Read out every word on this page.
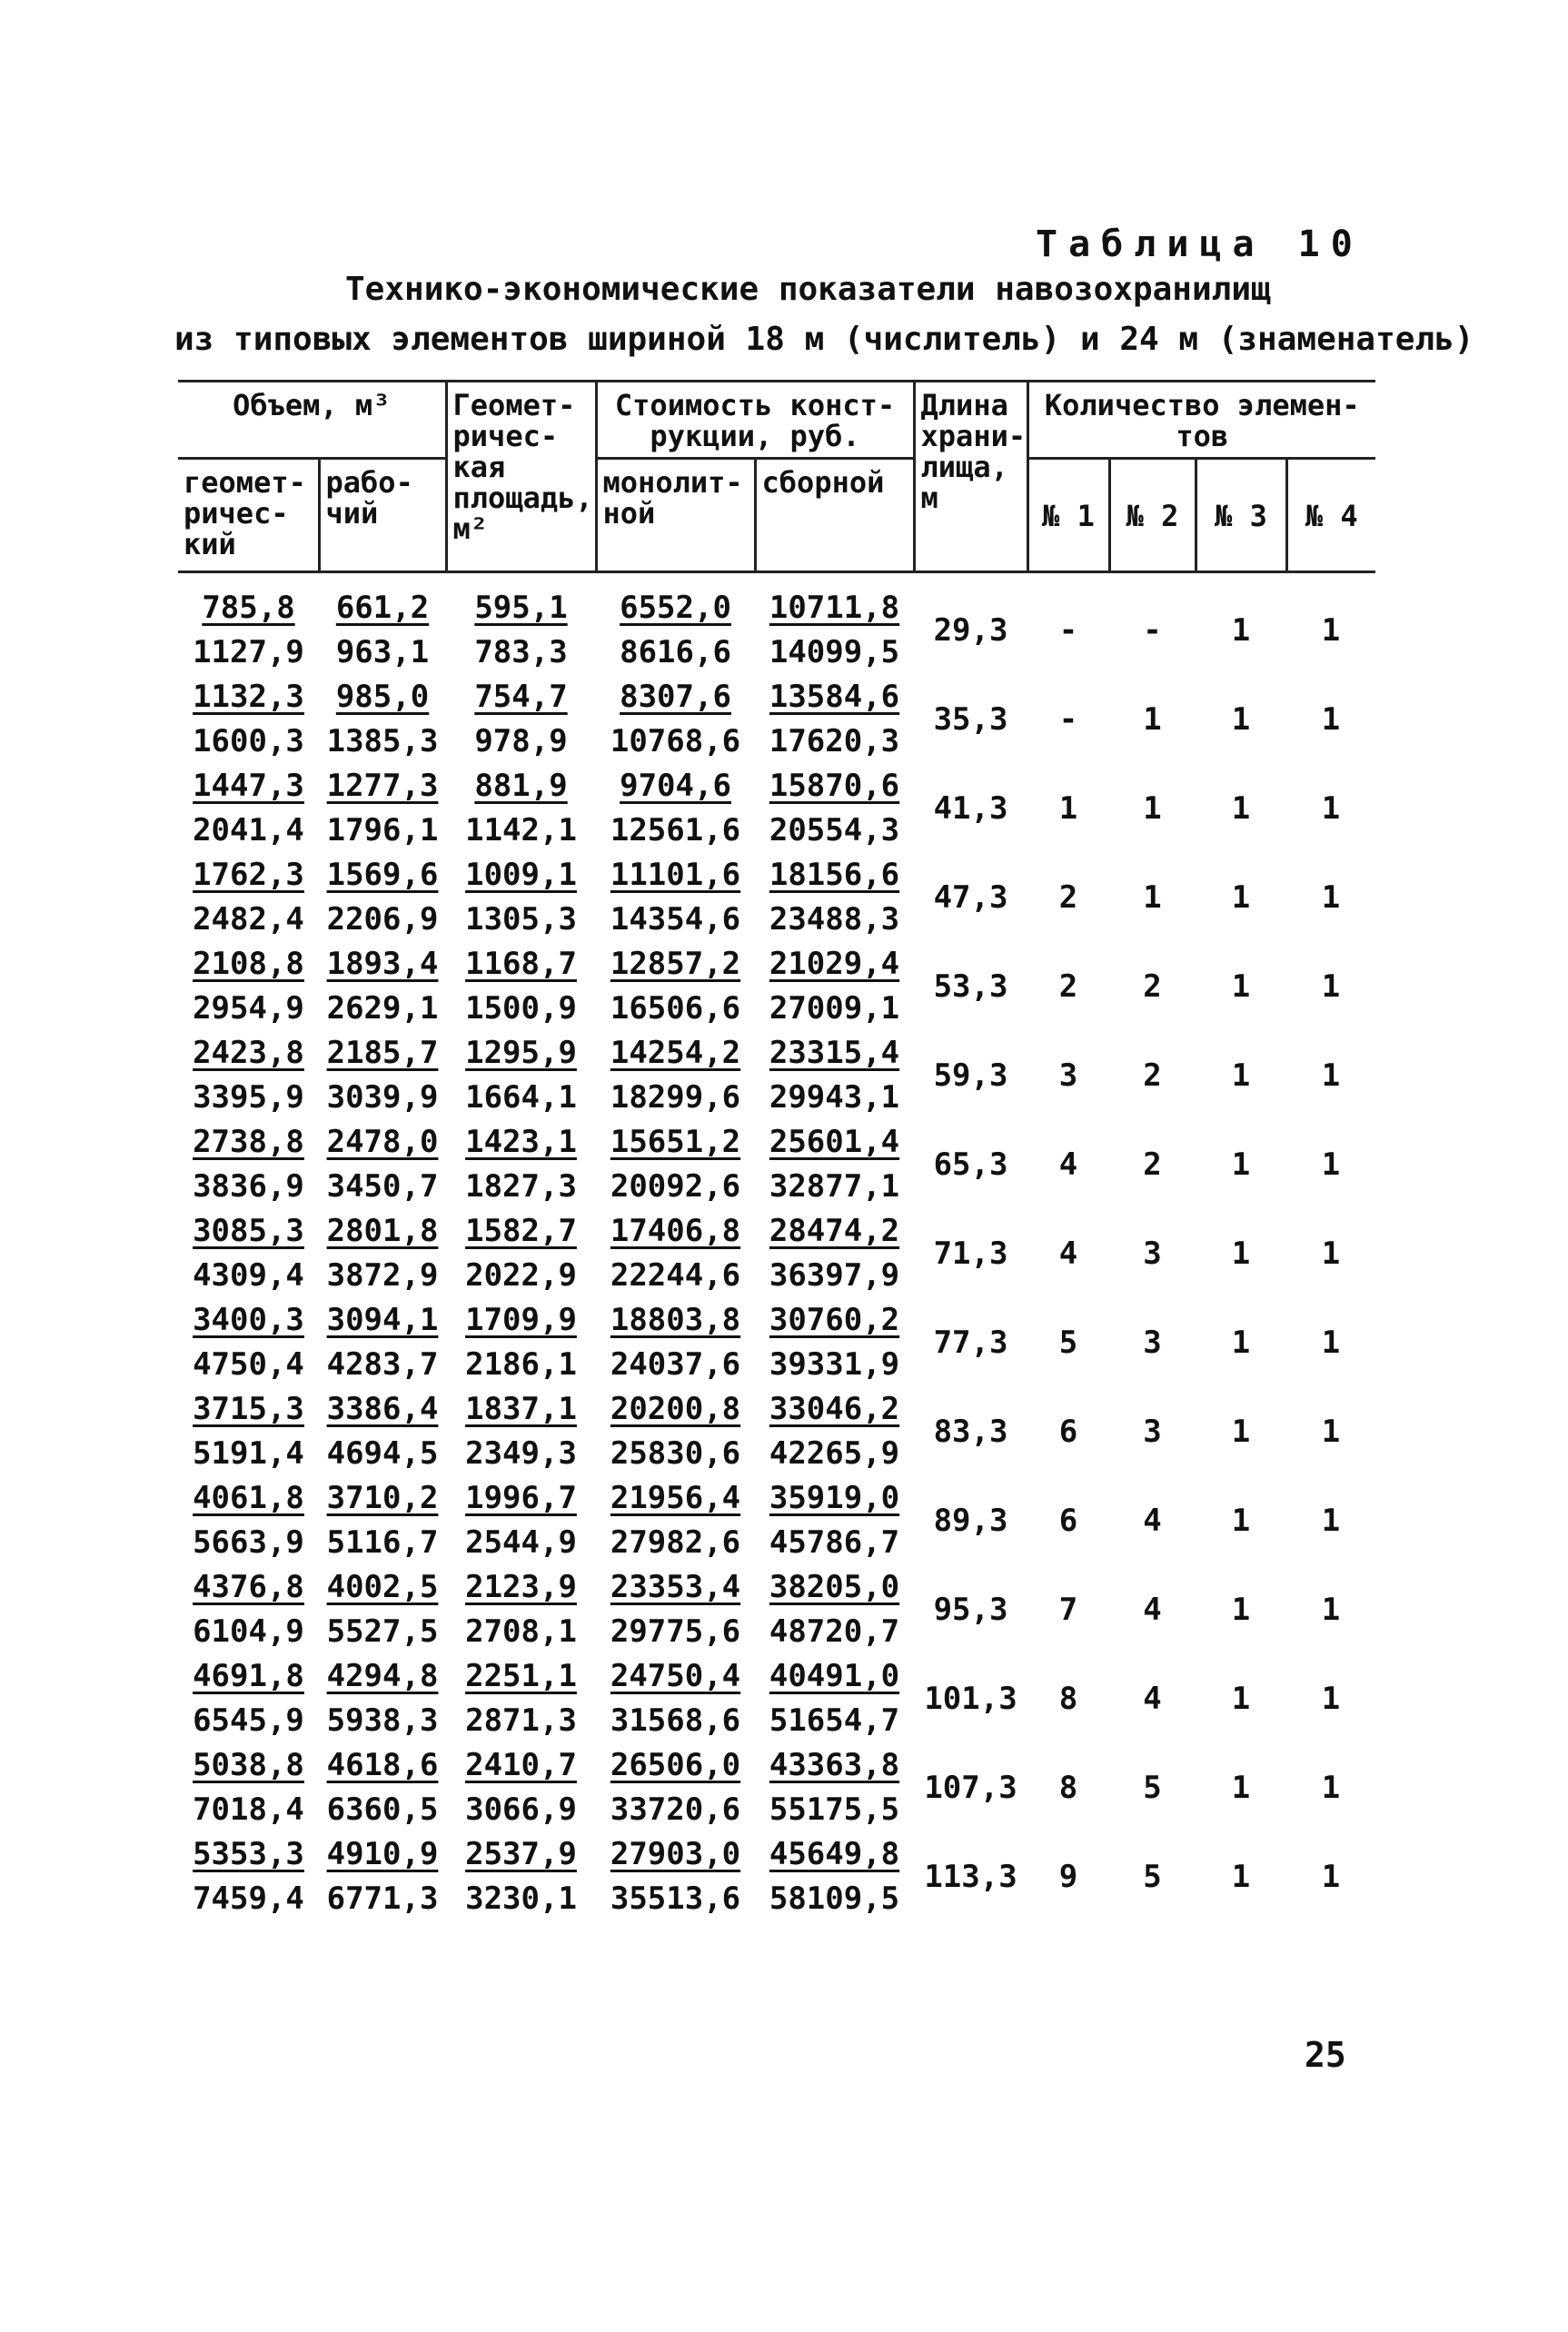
Таблица 10
Технико-экономические показатели навозохранилищ
из типовых элементов шириной 18 м (числитель) и 24 м (знаменатель)
Объем, м³		Геомет-ричес-кая площадь, м²	Стоимость конст-рукции, руб.		Длина храни-лища, м	Количество элемен-тов			
геомет-ричес-кий	рабо-чий		монолит-ной	сборной		№ 1	№ 2	№ 3	№ 4
785,8	661,2	595,1	6552,0	10711,8	29,3	-	-	1	1
1127,9	963,1	783,3	8616,6	14099,5					
1132,3	985,0	754,7	8307,6	13584,6	35,3	-	1	1	1
1600,3	1385,3	978,9	10768,6	17620,3					
1447,3	1277,3	881,9	9704,6	15870,6	41,3	1	1	1	1
2041,4	1796,1	1142,1	12561,6	20554,3					
1762,3	1569,6	1009,1	11101,6	18156,6	47,3	2	1	1	1
2482,4	2206,9	1305,3	14354,6	23488,3					
2108,8	1893,4	1168,7	12857,2	21029,4	53,3	2	2	1	1
2954,9	2629,1	1500,9	16506,6	27009,1					
2423,8	2185,7	1295,9	14254,2	23315,4	59,3	3	2	1	1
3395,9	3039,9	1664,1	18299,6	29943,1					
2738,8	2478,0	1423,1	15651,2	25601,4	65,3	4	2	1	1
3836,9	3450,7	1827,3	20092,6	32877,1					
3085,3	2801,8	1582,7	17406,8	28474,2	71,3	4	3	1	1
4309,4	3872,9	2022,9	22244,6	36397,9					
3400,3	3094,1	1709,9	18803,8	30760,2	77,3	5	3	1	1
4750,4	4283,7	2186,1	24037,6	39331,9					
3715,3	3386,4	1837,1	20200,8	33046,2	83,3	6	3	1	1
5191,4	4694,5	2349,3	25830,6	42265,9					
4061,8	3710,2	1996,7	21956,4	35919,0	89,3	6	4	1	1
5663,9	5116,7	2544,9	27982,6	45786,7					
4376,8	4002,5	2123,9	23353,4	38205,0	95,3	7	4	1	1
6104,9	5527,5	2708,1	29775,6	48720,7					
4691,8	4294,8	2251,1	24750,4	40491,0	101,3	8	4	1	1
6545,9	5938,3	2871,3	31568,6	51654,7					
5038,8	4618,6	2410,7	26506,0	43363,8	107,3	8	5	1	1
7018,4	6360,5	3066,9	33720,6	55175,5					
5353,3	4910,9	2537,9	27903,0	45649,8	113,3	9	5	1	1
7459,4	6771,3	3230,1	35513,6	58109,5					
25
